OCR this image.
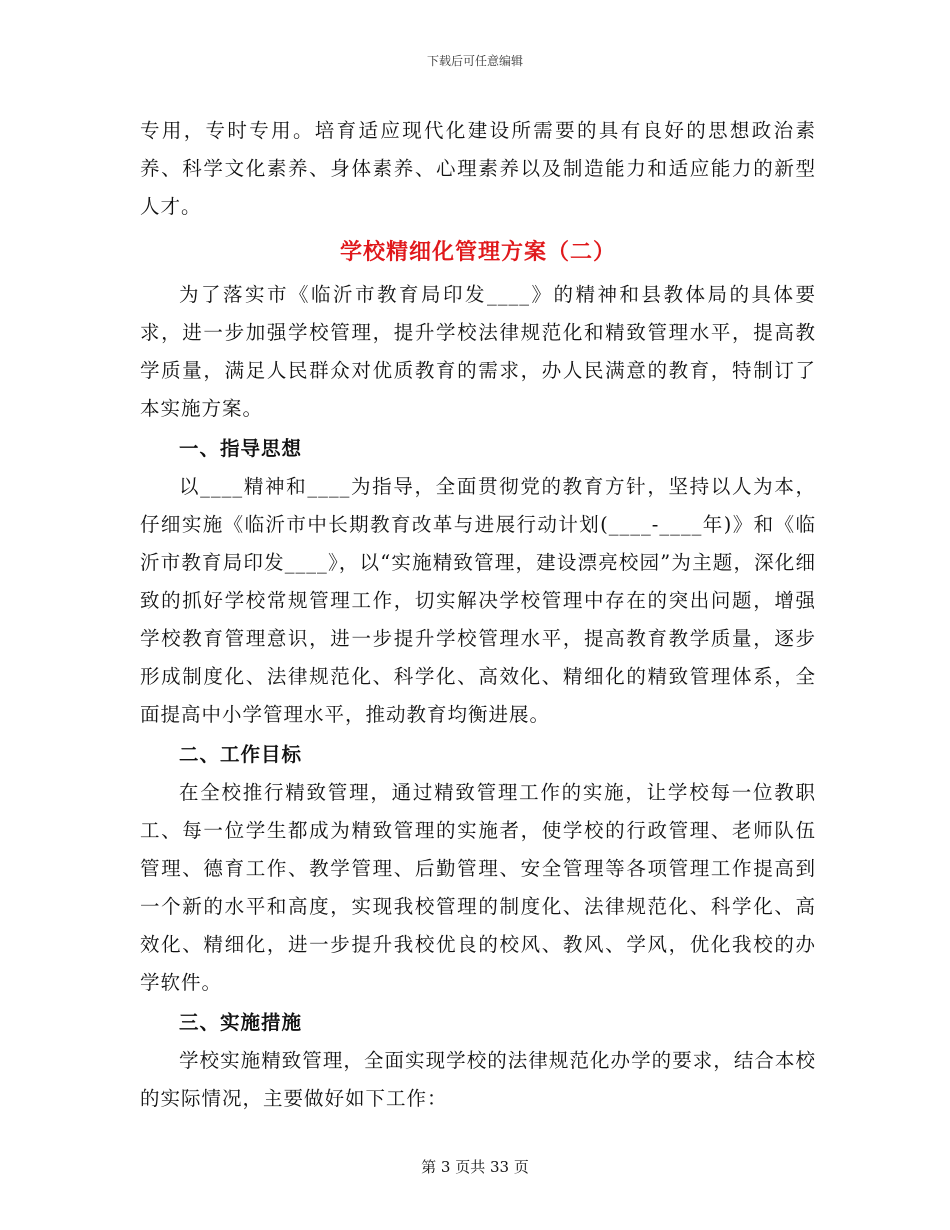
下载后可任意编辑

专用，专时专用。培育适应现代化建设所需要的具有良好的思想政治素养、科学文化素养、身体素养、心理素养以及制造能力和适应能力的新型人才。

学校精细化管理方案（二）

为了落实市《临沂市教育局印发____》的精神和县教体局的具体要求，进一步加强学校管理，提升学校法律规范化和精致管理水平，提高教学质量，满足人民群众对优质教育的需求，办人民满意的教育，特制订了本实施方案。

一、指导思想

以____精神和____为指导，全面贯彻党的教育方针，坚持以人为本，仔细实施《临沂市中长期教育改革与进展行动计划(____-____年)》和《临沂市教育局印发____》，以“实施精致管理，建设漂亮校园”为主题，深化细致的抓好学校常规管理工作，切实解决学校管理中存在的突出问题，增强学校教育管理意识，进一步提升学校管理水平，提高教育教学质量，逐步形成制度化、法律规范化、科学化、高效化、精细化的精致管理体系，全面提高中小学管理水平，推动教育均衡进展。

二、工作目标

在全校推行精致管理，通过精致管理工作的实施，让学校每一位教职工、每一位学生都成为精致管理的实施者，使学校的行政管理、老师队伍管理、德育工作、教学管理、后勤管理、安全管理等各项管理工作提高到一个新的水平和高度，实现我校管理的制度化、法律规范化、科学化、高效化、精细化，进一步提升我校优良的校风、教风、学风，优化我校的办学软件。

三、实施措施

学校实施精致管理，全面实现学校的法律规范化办学的要求，结合本校的实际情况，主要做好如下工作：

第 3 页共 33 页
